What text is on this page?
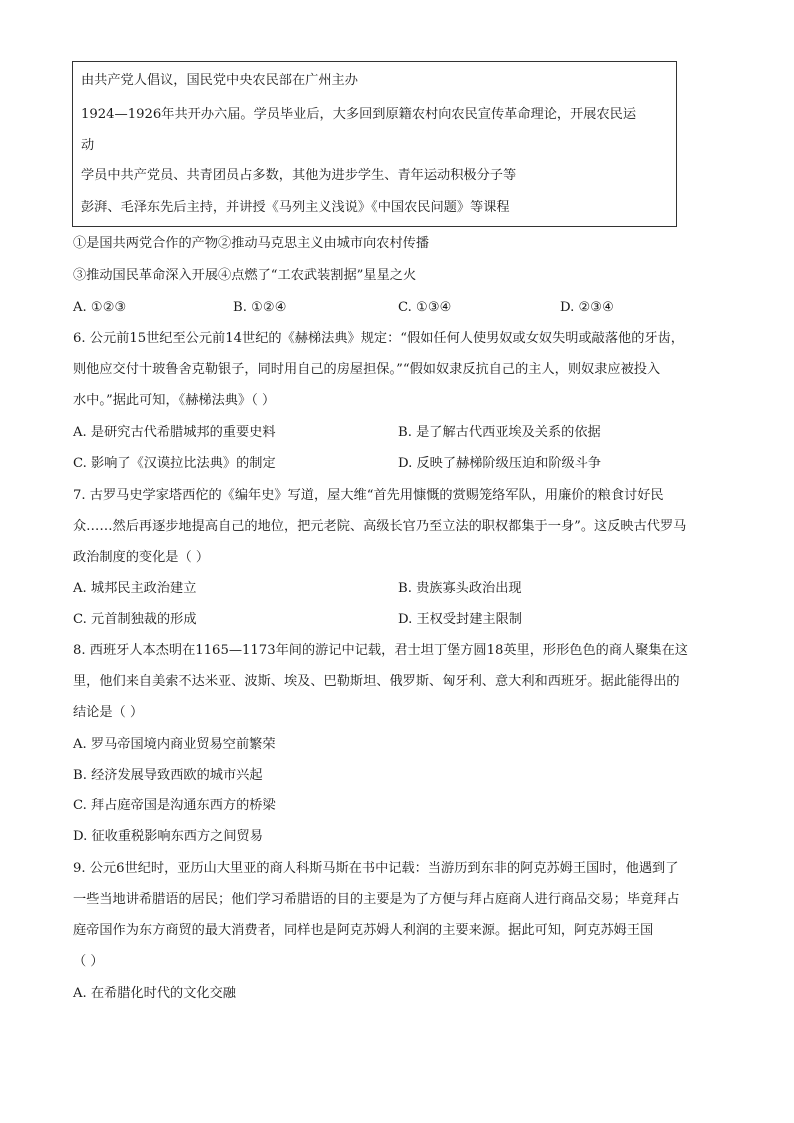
由共产党人倡议，国民党中央农民部在广州主办
1924—1926年共开办六届。学员毕业后，大多回到原籍农村向农民宣传革命理论，开展农民运
动
学员中共产党员、共青团员占多数，其他为进步学生、青年运动积极分子等
彭湃、毛泽东先后主持，并讲授《马列主义浅说》《中国农民问题》等课程
①是国共两党合作的产物②推动马克思主义由城市向农村传播
③推动国民革命深入开展④点燃了“工农武装割据”星星之火
A. ①②③	B. ①②④	C. ①③④	D. ②③④
6. 公元前15世纪至公元前14世纪的《赫梯法典》规定：“假如任何人使男奴或女奴失明或敲落他的牙齿，
则他应交付十玻鲁舍克勒银子，同时用自己的房屋担保。”“假如奴隶反抗自己的主人，则奴隶应被投入
水中。”据此可知，《赫梯法典》（ ）
A. 是研究古代希腊城邦的重要史料	B. 是了解古代西亚埃及关系的依据
C. 影响了《汉谟拉比法典》的制定	D. 反映了赫梯阶级压迫和阶级斗争
7. 古罗马史学家塔西佗的《编年史》写道，屋大维“首先用慷慨的赏赐笼络军队，用廉价的粮食讨好民
众……然后再逐步地提高自己的地位，把元老院、高级长官乃至立法的职权都集于一身”。这反映古代罗马
政治制度的变化是（ ）
A. 城邦民主政治建立	B. 贵族寡头政治出现
C. 元首制独裁的形成	D. 王权受封建主限制
8. 西班牙人本杰明在1165—1173年间的游记中记载，君士坦丁堡方圆18英里，形形色色的商人聚集在这
里，他们来自美索不达米亚、波斯、埃及、巴勒斯坦、俄罗斯、匈牙利、意大利和西班牙。据此能得出的
结论是（ ）
A. 罗马帝国境内商业贸易空前繁荣
B. 经济发展导致西欧的城市兴起
C. 拜占庭帝国是沟通东西方的桥梁
D. 征收重税影响东西方之间贸易
9. 公元6世纪时，亚历山大里亚的商人科斯马斯在书中记载：当游历到东非的阿克苏姆王国时，他遇到了
一些当地讲希腊语的居民；他们学习希腊语的目的主要是为了方便与拜占庭商人进行商品交易；毕竟拜占
庭帝国作为东方商贸的最大消费者，同样也是阿克苏姆人利润的主要来源。据此可知，阿克苏姆王国
（ ）
A. 在希腊化时代的文化交融
